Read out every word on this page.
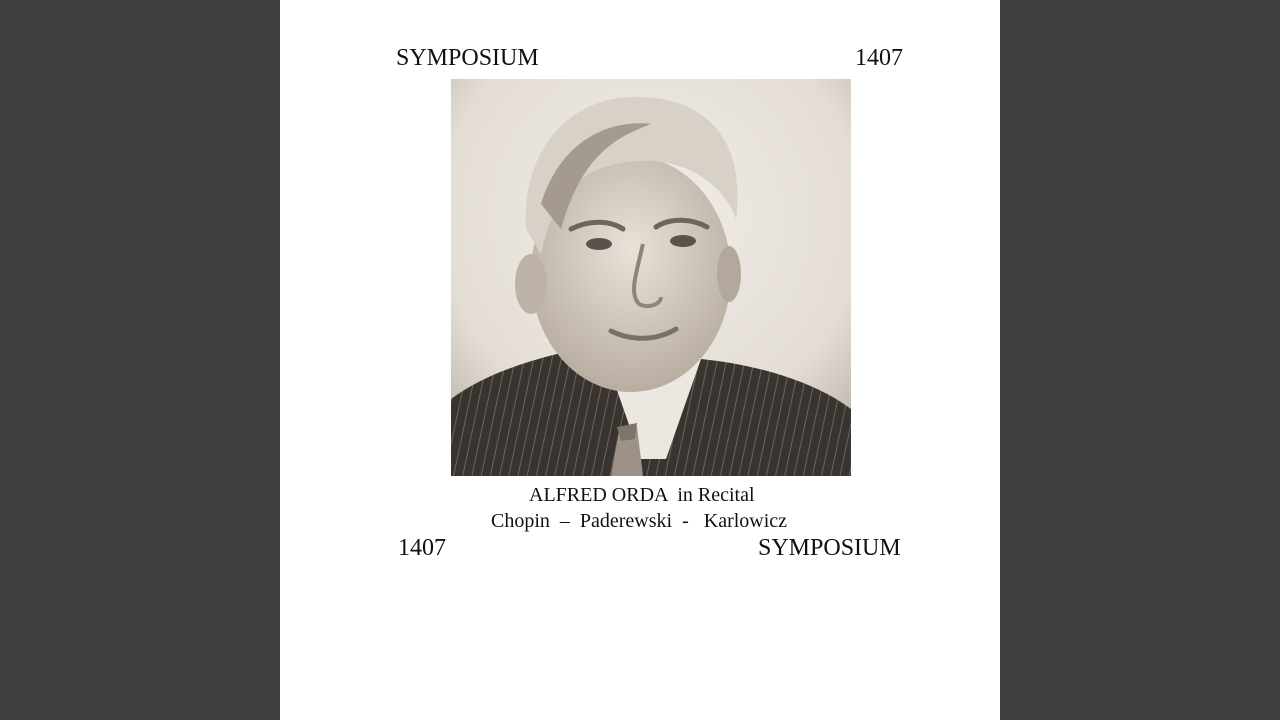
SYMPOSIUM	1407
ALFRED ORDA  in Recital
Chopin  –  Paderewski  -   Karlowicz
1407	SYMPOSIUM
